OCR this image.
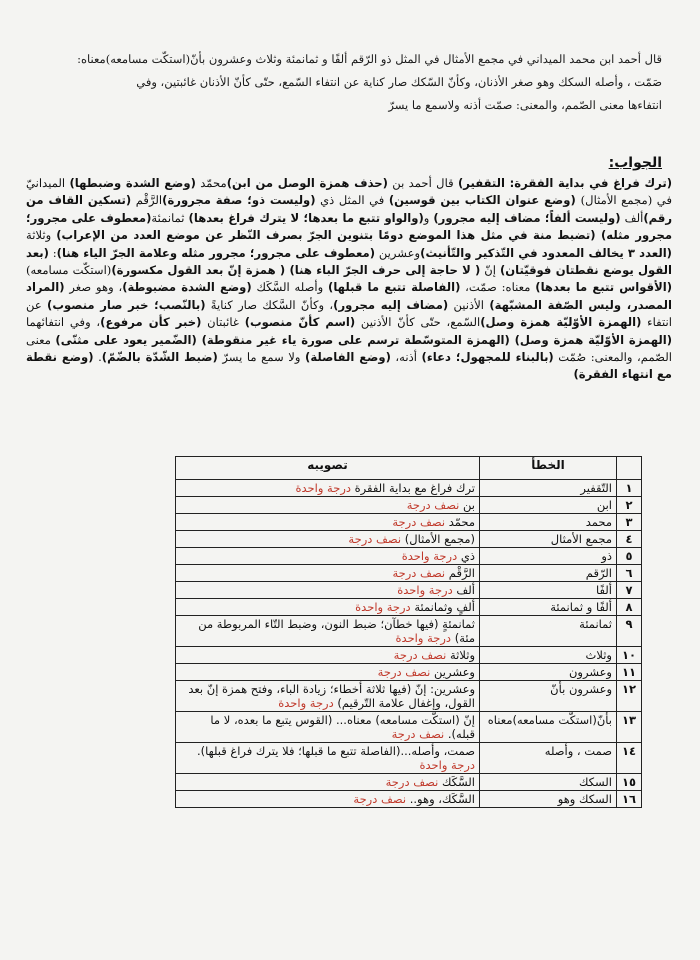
قال أحمد ابن محمد الميداني في مجمع الأمثال في المثل ذو الرّقم ألفًا و ثمانمئة وثلاث وعشرون بأنّ(استكّت مسامعه)معناه:

صَمّت ، وأصله السكك وهو صغر الأذنان، وكأنّ السّكك صار كناية عن انتفاء السّمع، حتّى كأنّ الأذنان غائبتين، وفي

انتفاءها معنى الصّمم، والمعنى: صمّت أذنه ولاسمع ما يسرّ

الجواب:
(ترك فراغ في بداية الفقرة: التقفير) قال أحمد بن (حذف همزة الوصل من ابن)محمّد (وضع الشدة وضبطها) الميدانيّ في (مجمع الأمثال) (وضع عنوان الكتاب بين قوسين) في المثل ذي (وليست ذو؛ صفة مجرورة)الرَّقْم (تسكين القاف من رقم)ألف (وليست ألفاً؛ مضاف إليه مجرور) و(والواو تتبع ما بعدها؛ لا يترك فراغ بعدها) ثمانمئة(معطوف على مجرور؛ مجرور مثله) (تضبط منة في مثل هذا الموضع دومًا بتنوين الجرّ بصرف النّظر عن موضع العدد من الإعراب) وثلاثة (العدد ٣ يخالف المعدود في التّذكير والتّأنيث)وعشرين (معطوف على مجرور؛ مجرور مثله وعلامة الجرّ الياء هنا): (بعد القول يوضع نقطتان فوقيّتان) إنّ ( لا حاجة إلى حرف الجرّ الباء هنا) ( همزة إنّ بعد القول مكسورة)(استكّت مسامعه) (الأقواس تتبع ما بعدها) معناه: صمّت، (الفاصلة تتبع ما قبلها) وأصله السَّكَك (وضع الشدة مضبوطة)، وهو صغر (المراد المصدر، وليس الصّفة المشبّهة) الأذنين (مضاف إليه مجرور)، وكأنّ السَّكك صار كنايةً (بالنّصب؛ خبر صار منصوب) عن انتفاء (الهمزة الأوّليّة همزة وصل)السّمع، حتّى كأنّ الأذنين (اسم كأنّ منصوب) غائبتان (خبر كأن مرفوع)، وفي انتفائهما (الهمزة الأوّليّة همزة وصل) (الهمزة المتوسّطة ترسم على صورة ياء غير منقوطة) (الضّمير يعود على مثنّى) معنى الصّمم، والمعنى: صُمّت (بالبناء للمجهول؛ دعاء) أذنه، (وضع الفاصلة) ولا سمع ما يسرّ (ضبط الشّدّة بالضّمّ). (وضع نقطة مع انتهاء الفقرة)
	الخطأ	تصويبه
١	التّقفير	ترك فراغ مع بداية الفقرة درجة واحدة
٢	ابن	بن نصف درجة
٣	محمد	محمّد نصف درجة
٤	مجمع الأمثال	(مجمع الأمثال) نصف درجة
٥	ذو	ذي درجة واحدة
٦	الرّقم	الرَّقْم نصف درجة
٧	ألفًا	ألف درجة واحدة
٨	ألفًا و ثمانمئة	ألفٍ وثمانمئة درجة واحدة
٩	ثمانمئة	ثمانمئةٍ (فيها خطآن؛ ضبط النون، وضبط التّاء المربوطة من مئة) درجة واحدة
١٠	وثلاث	وثلاثة نصف درجة
١١	وعشرون	وعشرين نصف درجة
١٢	وعشرون بأنّ	وعشرين: إنّ (فيها ثلاثة أخطاء؛ زيادة الباء، وفتح همزة إنّ بعد القول، وإغفال علامة التّرقيم) درجة واحدة
١٣	بأنّ(استكّت مسامعه)معناه	إنّ (استكّت مسامعه) معناه... (القوس يتبع ما بعده، لا ما قبله). نصف درجة
١٤	صمت ، وأصله	صمت، وأصله...(الفاصلة تتبع ما قبلها؛ فلا يترك فراغ قبلها). درجة واحدة
١٥	السكك	السَّكَك نصف درجة
١٦	السكك وهو	السَّكَك، وهو.. نصف درجة
